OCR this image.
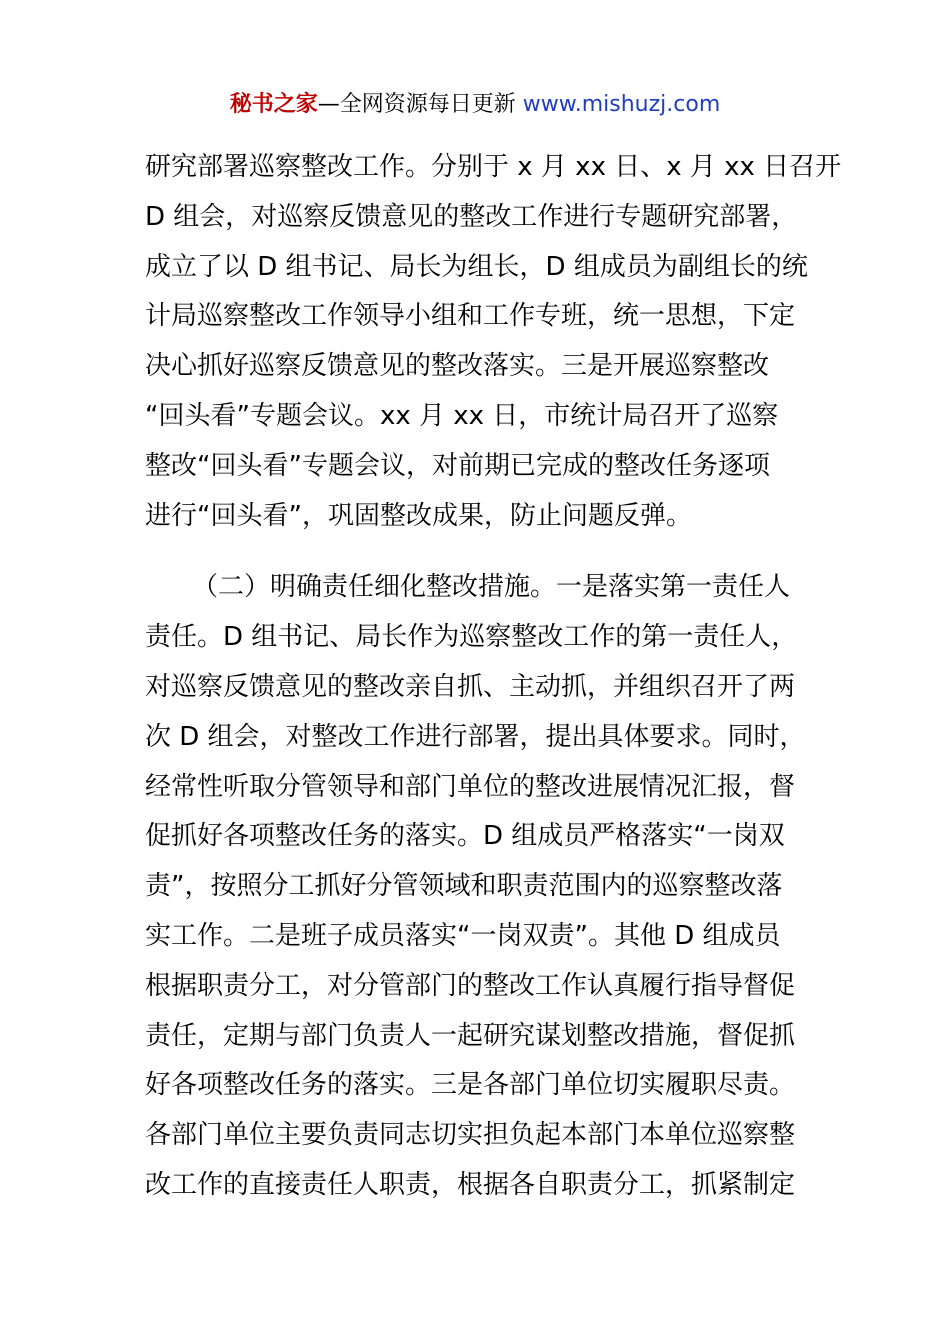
秘书之家—全网资源每日更新 www.mishuzj.com
研究部署巡察整改工作。分别于 x 月 xx 日、x 月 xx 日召开
D 组会，对巡察反馈意见的整改工作进行专题研究部署，
成立了以 D 组书记、局长为组长，D 组成员为副组长的统
计局巡察整改工作领导小组和工作专班，统一思想，下定
决心抓好巡察反馈意见的整改落实。三是开展巡察整改
“回头看”专题会议。xx 月 xx 日，市统计局召开了巡察
整改“回头看”专题会议，对前期已完成的整改任务逐项
进行“回头看”，巩固整改成果，防止问题反弹。
（二）明确责任细化整改措施。一是落实第一责任人
责任。D 组书记、局长作为巡察整改工作的第一责任人，
对巡察反馈意见的整改亲自抓、主动抓，并组织召开了两
次 D 组会，对整改工作进行部署，提出具体要求。同时，
经常性听取分管领导和部门单位的整改进展情况汇报，督
促抓好各项整改任务的落实。D 组成员严格落实“一岗双
责”，按照分工抓好分管领域和职责范围内的巡察整改落
实工作。二是班子成员落实“一岗双责”。其他 D 组成员
根据职责分工，对分管部门的整改工作认真履行指导督促
责任，定期与部门负责人一起研究谋划整改措施，督促抓
好各项整改任务的落实。三是各部门单位切实履职尽责。
各部门单位主要负责同志切实担负起本部门本单位巡察整
改工作的直接责任人职责，根据各自职责分工，抓紧制定
